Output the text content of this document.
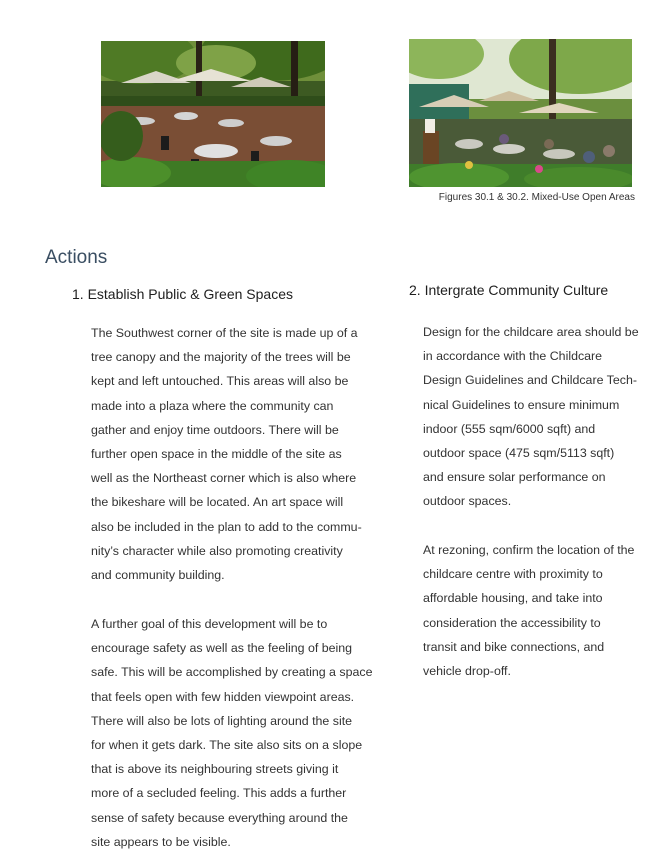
Figures 30.1 & 30.2. Mixed-Use Open Areas
Actions
1. Establish Public & Green Spaces	2. Intergrate Community Culture

The Southwest corner of the site is made up of a
tree canopy and the majority of the trees will be
kept and left untouched. This areas will also be
made into a plaza where the community can
gather and enjoy time outdoors. There will be
further open space in the middle of the site as
well as the Northeast corner which is also where
the bikeshare will be located. An art space will
also be included in the plan to add to the commu-
nity’s character while also promoting creativity
and community building.

A further goal of this development will be to
encourage safety as well as the feeling of being
safe. This will be accomplished by creating a space
that feels open with few hidden viewpoint areas.
There will also be lots of lighting around the site
for when it gets dark. The site also sits on a slope
that is above its neighbouring streets giving it
more of a secluded feeling. This adds a further
sense of safety because everything around the
site appears to be visible.

Design for the childcare area should be
in accordance with the Childcare
Design Guidelines and Childcare Tech-
nical Guidelines to ensure minimum
indoor (555 sqm/6000 sqft) and
outdoor space (475 sqm/5113 sqft)
and ensure solar performance on
outdoor spaces.

At rezoning, confirm the location of the
childcare centre with proximity to
affordable housing, and take into
consideration the accessibility to
transit and bike connections, and
vehicle drop-off.
